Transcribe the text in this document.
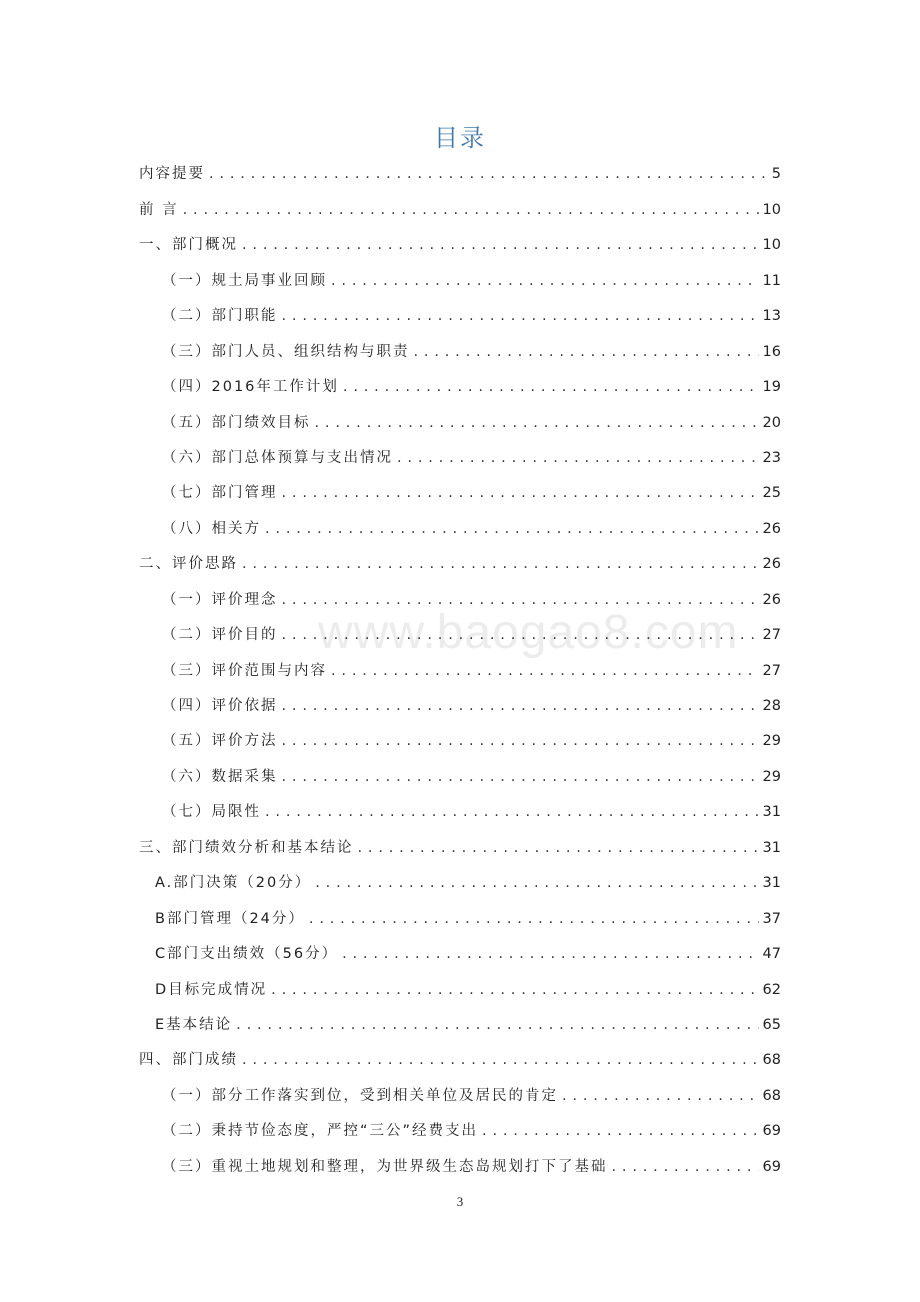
www.baogao8.com
目录
内容提要 . . .	5
前 言 . . .	10
一、部门概况 . . .	10
（一）规土局事业回顾 . . .	11
（二）部门职能 . . .	13
（三）部门人员、组织结构与职责 . . .	16
（四）2016年工作计划 . . .	19
（五）部门绩效目标 . . .	20
（六）部门总体预算与支出情况 . . .	23
（七）部门管理 . . .	25
（八）相关方 . . .	26
二、评价思路 . . .	26
（一）评价理念 . . .	26
（二）评价目的 . . .	27
（三）评价范围与内容 . . .	27
（四）评价依据 . . .	28
（五）评价方法 . . .	29
（六）数据采集 . . .	29
（七）局限性 . . .	31
三、部门绩效分析和基本结论 . . .	31
A.部门决策（20分） . . .	31
B部门管理（24分） . . .	37
C部门支出绩效（56分） . . .	47
D目标完成情况 . . .	62
E基本结论 . . .	65
四、部门成绩 . . .	68
（一）部分工作落实到位，受到相关单位及居民的肯定 . . .	68
（二）秉持节俭态度，严控“三公”经费支出 . . .	69
（三）重视土地规划和整理，为世界级生态岛规划打下了基础 . . .	69
3
